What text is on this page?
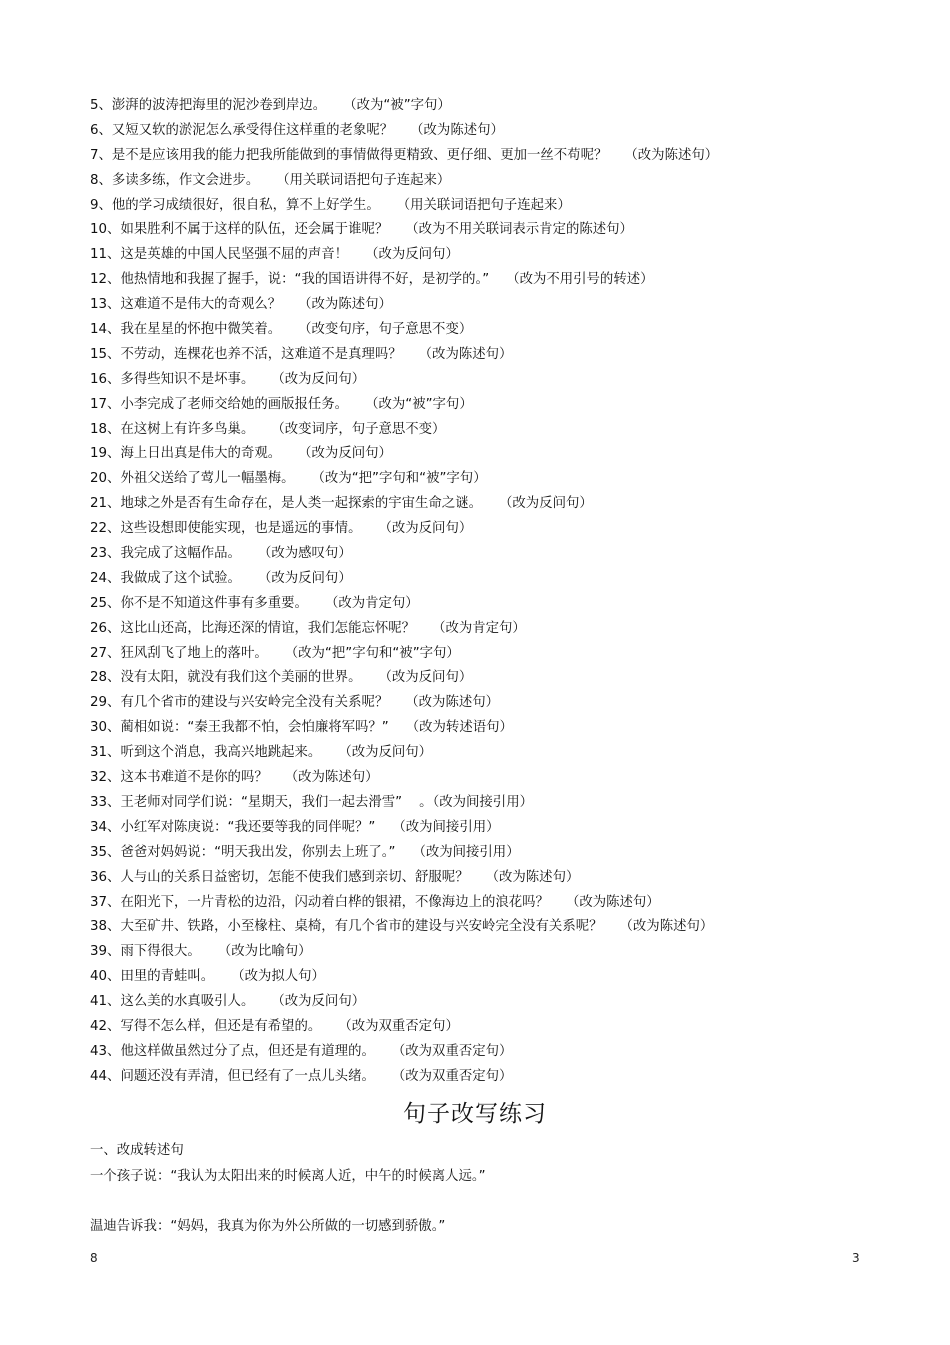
5、澎湃的波涛把海里的泥沙卷到岸边。 （改为“被”字句）
6、又短又软的淤泥怎么承受得住这样重的老象呢？ （改为陈述句）
7、是不是应该用我的能力把我所能做到的事情做得更精致、更仔细、更加一丝不苟呢？ （改为陈述句）
8、多读多练，作文会进步。 （用关联词语把句子连起来）
9、他的学习成绩很好，很自私，算不上好学生。 （用关联词语把句子连起来）
10、如果胜利不属于这样的队伍，还会属于谁呢？ （改为不用关联词表示肯定的陈述句）
11、这是英雄的中国人民坚强不屈的声音！ （改为反问句）
12、他热情地和我握了握手，说：“我的国语讲得不好，是初学的。” （改为不用引号的转述）
13、这难道不是伟大的奇观么？ （改为陈述句）
14、我在星星的怀抱中微笑着。 （改变句序，句子意思不变）
15、不劳动，连棵花也养不活，这难道不是真理吗？ （改为陈述句）
16、多得些知识不是坏事。 （改为反问句）
17、小李完成了老师交给她的画版报任务。 （改为“被”字句）
18、在这树上有许多鸟巢。 （改变词序，句子意思不变）
19、海上日出真是伟大的奇观。 （改为反问句）
20、外祖父送给了莺儿一幅墨梅。 （改为“把”字句和“被”字句）
21、地球之外是否有生命存在，是人类一起探索的宇宙生命之谜。 （改为反问句）
22、这些设想即使能实现，也是遥远的事情。 （改为反问句）
23、我完成了这幅作品。 （改为感叹句）
24、我做成了这个试验。 （改为反问句）
25、你不是不知道这件事有多重要。 （改为肯定句）
26、这比山还高，比海还深的情谊，我们怎能忘怀呢？ （改为肯定句）
27、狂风刮飞了地上的落叶。 （改为“把”字句和“被”字句）
28、没有太阳，就没有我们这个美丽的世界。 （改为反问句）
29、有几个省市的建设与兴安岭完全没有关系呢？ （改为陈述句）
30、蔺相如说：“秦王我都不怕，会怕廉将军吗？” （改为转述语句）
31、听到这个消息，我高兴地跳起来。 （改为反问句）
32、这本书难道不是你的吗？ （改为陈述句）
33、王老师对同学们说：“星期天，我们一起去滑雪” 。（改为间接引用）
34、小红军对陈庚说：“我还要等我的同伴呢？” （改为间接引用）
35、爸爸对妈妈说：“明天我出发，你别去上班了。” （改为间接引用）
36、人与山的关系日益密切，怎能不使我们感到亲切、舒服呢？ （改为陈述句）
37、在阳光下，一片青松的边沿，闪动着白桦的银裙，不像海边上的浪花吗？ （改为陈述句）
38、大至矿井、铁路，小至椽柱、桌椅，有几个省市的建设与兴安岭完全没有关系呢？ （改为陈述句）
39、雨下得很大。 （改为比喻句）
40、田里的青蛙叫。 （改为拟人句）
41、这么美的水真吸引人。 （改为反问句）
42、写得不怎么样，但还是有希望的。 （改为双重否定句）
43、他这样做虽然过分了点，但还是有道理的。 （改为双重否定句）
44、问题还没有弄清，但已经有了一点儿头绪。 （改为双重否定句）
句子改写练习
一、改成转述句
一个孩子说：“我认为太阳出来的时候离人近，中午的时候离人远。”
温迪告诉我：“妈妈，我真为你为外公所做的一切感到骄傲。”
8	3
